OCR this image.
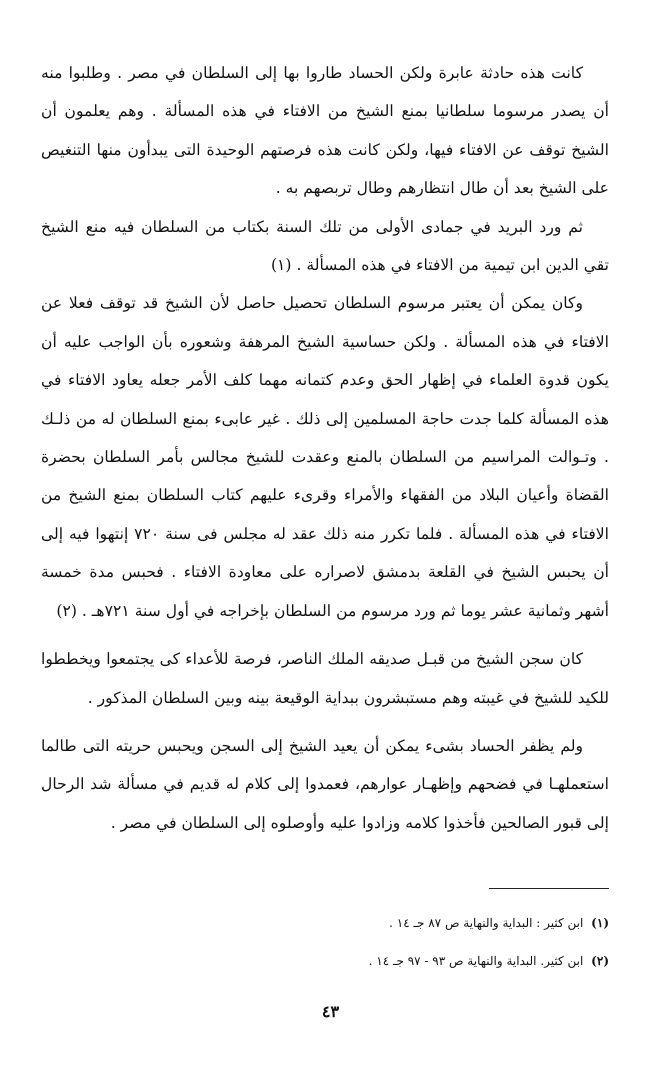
كانت هذه حادثة عابرة ولكن الحساد طاروا بها إلى السلطان في مصر . وطلبوا منه أن يصدر مرسوما سلطانيا بمنع الشيخ من الافتاء في هذه المسألة . وهم يعلمون أن الشيخ توقف عن الافتاء فيها، ولكن كانت هذه فرصتهم الوحيدة التى يبدأون منها التنغيص على الشيخ بعد أن طال انتظارهم وطال تربصهم به .

ثم ورد البريد في جمادى الأولى من تلك السنة بكتاب من السلطان فيه منع الشيخ تقي الدين ابن تيمية من الافتاء في هذه المسألة . (١)

وكان يمكن أن يعتبر مرسوم السلطان تحصيل حاصل لأن الشيخ قد توقف فعلا عن الافتاء في هذه المسألة . ولكن حساسية الشيخ المرهفة وشعوره بأن الواجب عليه أن يكون قدوة العلماء في إظهار الحق وعدم كتمانه مهما كلف الأمر جعله يعاود الافتاء في هذه المسألة كلما جدت حاجة المسلمين إلى ذلك . غير عابىء بمنع السلطان له من ذلـك . وتـوالت المراسيم من السلطان بالمنع وعقدت للشيخ مجالس بأمر السلطان بحضرة القضاة وأعيان البلاد من الفقهاء والأمراء وقرىء عليهم كتاب السلطان بمنع الشيخ من الافتاء في هذه المسألة . فلما تكرر منه ذلك عقد له مجلس فى سنة ٧٢٠ إنتهوا فيه إلى أن يحبس الشيخ في القلعة بدمشق لاصراره على معاودة الافتاء . فحبس مدة خمسة أشهر وثمانية عشر يوما ثم ورد مرسوم من السلطان بإخراجه في أول سنة ٧٢١هـ . (٢)

كان سجن الشيخ من قبـل صديقه الملك الناصر، فرصة للأعداء كى يجتمعوا ويخططوا للكيد للشيخ في غيبته وهم مستبشرون ببداية الوقيعة بينه وبين السلطان المذكور .

ولم يظفر الحساد بشىء يمكن أن يعيد الشيخ إلى السجن ويحبس حريته التى طالما استعملهـا في فضحهم وإظهـار عوارهم، فعمدوا إلى كلام له قديم في مسألة شد الرحال إلى قبور الصالحين فأخذوا كلامه وزادوا عليه وأوصلوه إلى السلطان في مصر .

(١) ابن كثير : البداية والنهاية ص ٨٧ جـ ١٤ .

(٢) ابن كثير. البداية والنهاية ص ٩٣ - ٩٧ جـ ١٤ .

٤٣
